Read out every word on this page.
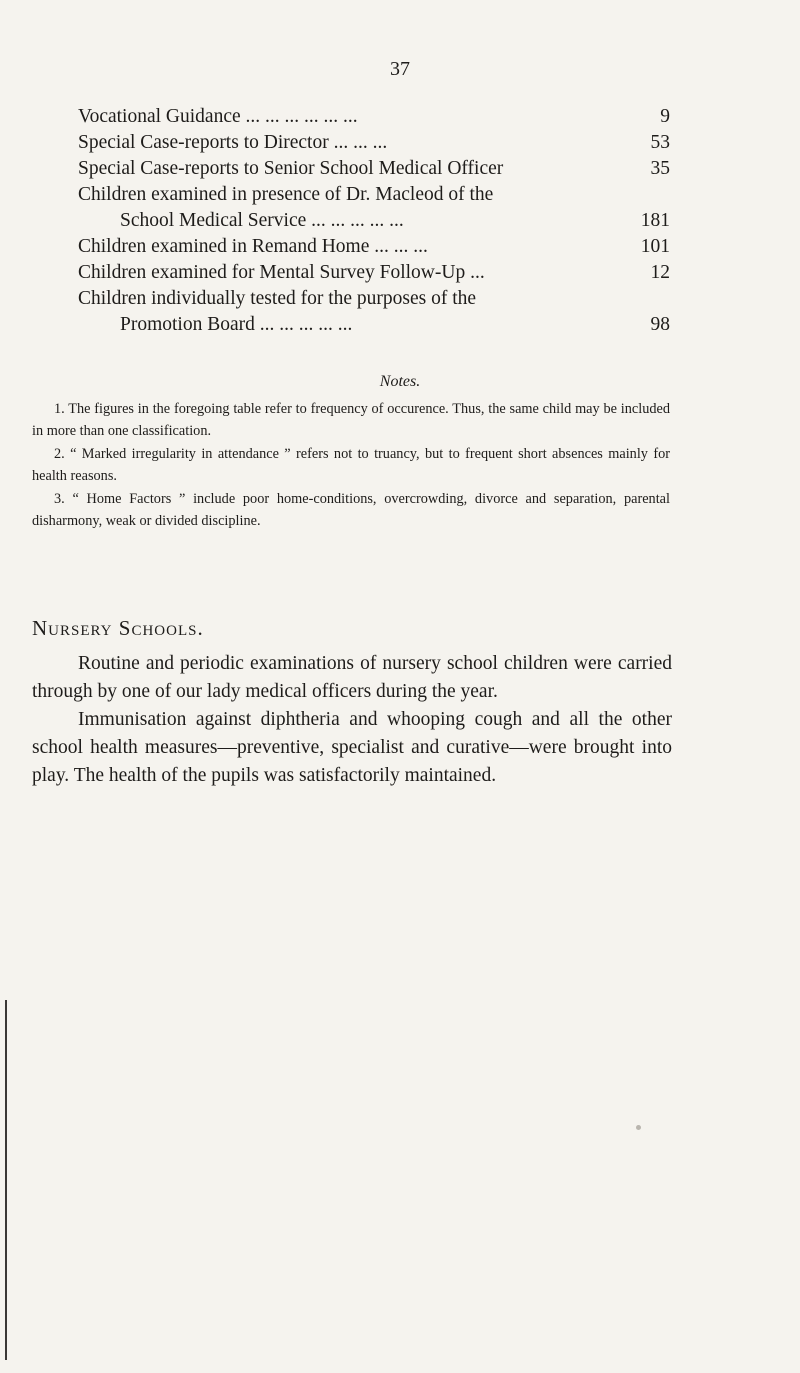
37
Vocational Guidance ... ... ... ... ... ...	9
Special Case-reports to Director ... ... ...	53
Special Case-reports to Senior School Medical Officer	35
Children examined in presence of Dr. Macleod of the
School Medical Service ... ... ... ... ...	181
Children examined in Remand Home ... ... ...	101
Children examined for Mental Survey Follow-Up ...	12
Children individually tested for the purposes of the
Promotion Board ... ... ... ... ...	98
Notes.

1. The figures in the foregoing table refer to frequency of occurence. Thus, the same child may be included in more than one classification.

2. “ Marked irregularity in attendance ” refers not to truancy, but to frequent short absences mainly for health reasons.

3. “ Home Factors ” include poor home-conditions, overcrowding, divorce and separation, parental disharmony, weak or divided discipline.

Nursery Schools.

Routine and periodic examinations of nursery school children were carried through by one of our lady medical officers during the year.

Immunisation against diphtheria and whooping cough and all the other school health measures—preventive, specialist and curative—were brought into play. The health of the pupils was satisfactorily maintained.
